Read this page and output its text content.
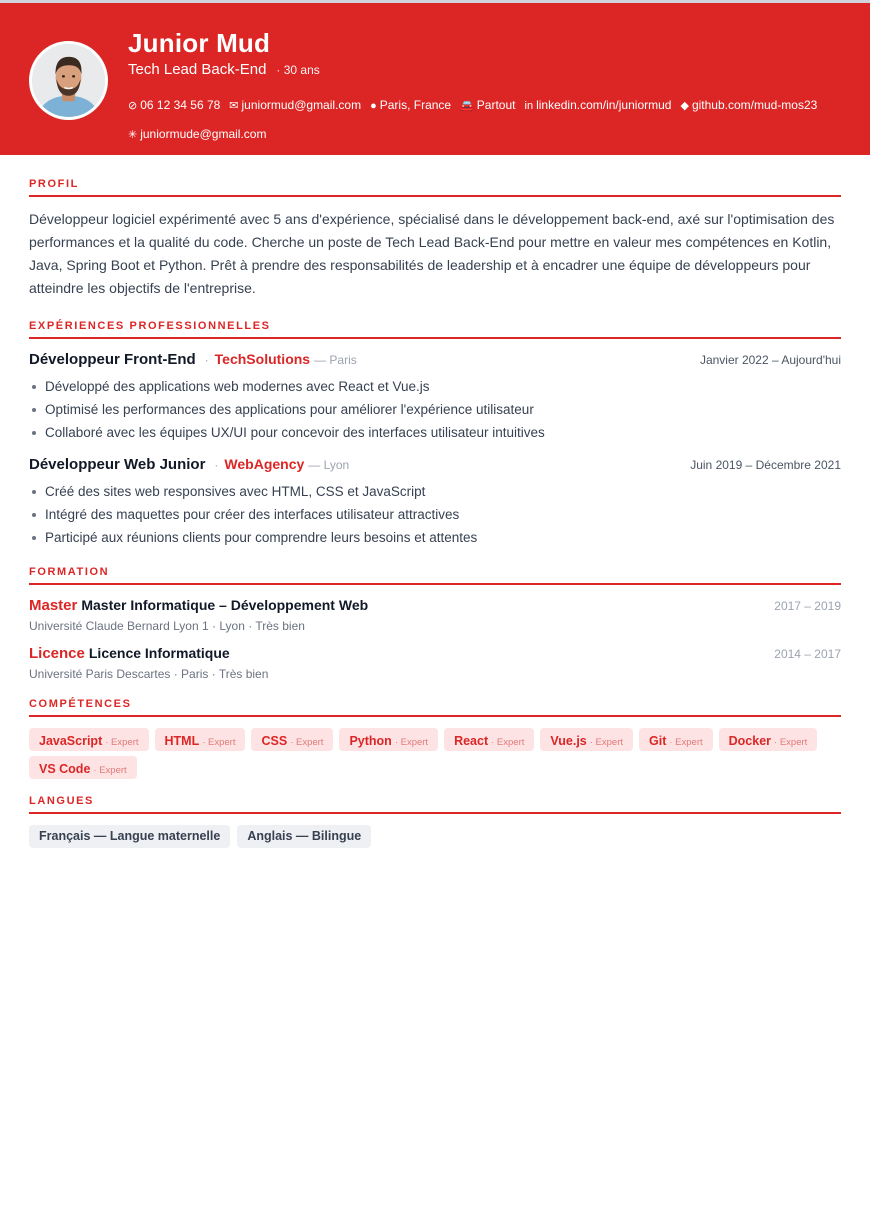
Junior Mud
Tech Lead Back-End · 30 ans
⊘ 06 12 34 56 78 ✉ juniormud@gmail.com ● Paris, France 🚘 Partout in linkedin.com/in/juniormud ◆ github.com/mud-mos23✳ juniormude@gmail.com
PROFIL
Développeur logiciel expérimenté avec 5 ans d'expérience, spécialisé dans le développement back-end, axé sur l'optimisation des performances et la qualité du code. Cherche un poste de Tech Lead Back-End pour mettre en valeur mes compétences en Kotlin, Java, Spring Boot et Python. Prêt à prendre des responsabilités de leadership et à encadrer une équipe de développeurs pour atteindre les objectifs de l'entreprise.
EXPÉRIENCES PROFESSIONNELLES
Développeur Front-End · TechSolutions — Paris	Janvier 2022 – Aujourd'hui
Développé des applications web modernes avec React et Vue.js
Optimisé les performances des applications pour améliorer l'expérience utilisateur
Collaboré avec les équipes UX/UI pour concevoir des interfaces utilisateur intuitives
Développeur Web Junior · WebAgency — Lyon	Juin 2019 – Décembre 2021
Créé des sites web responsives avec HTML, CSS et JavaScript
Intégré des maquettes pour créer des interfaces utilisateur attractives
Participé aux réunions clients pour comprendre leurs besoins et attentes
FORMATION
Master Master Informatique – Développement Web	2017 – 2019
Université Claude Bernard Lyon 1 · Lyon · Très bien
Licence Licence Informatique	2014 – 2017
Université Paris Descartes · Paris · Très bien
COMPÉTENCES
JavaScript · Expert	HTML · Expert	CSS · Expert	Python · Expert	React · Expert	Vue.js · Expert	Git · Expert	Docker · Expert
VS Code · Expert
LANGUES
Français — Langue maternelle	Anglais — Bilingue
